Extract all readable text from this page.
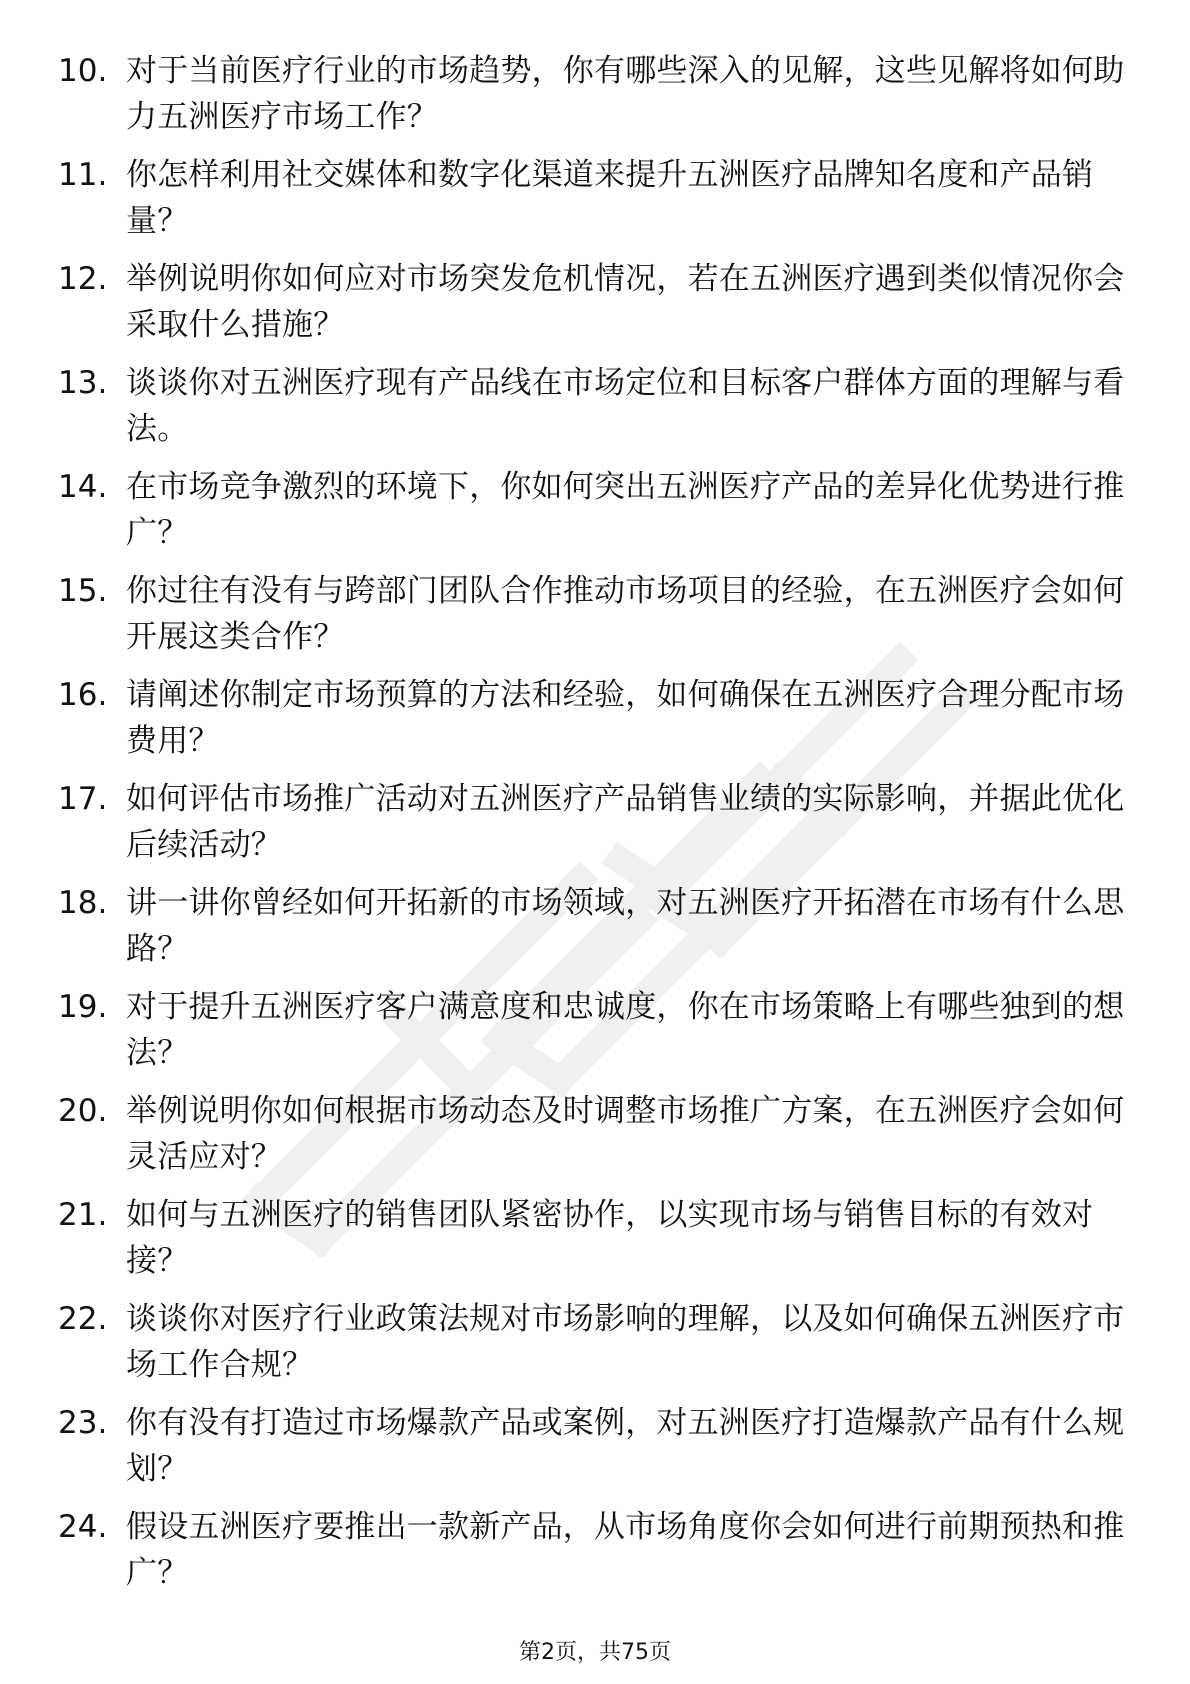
10. 对于当前医疗行业的市场趋势，你有哪些深入的见解，这些见解将如何助力五洲医疗市场工作？
11. 你怎样利用社交媒体和数字化渠道来提升五洲医疗品牌知名度和产品销量？
12. 举例说明你如何应对市场突发危机情况，若在五洲医疗遇到类似情况你会采取什么措施？
13. 谈谈你对五洲医疗现有产品线在市场定位和目标客户群体方面的理解与看法。
14. 在市场竞争激烈的环境下，你如何突出五洲医疗产品的差异化优势进行推广？
15. 你过往有没有与跨部门团队合作推动市场项目的经验，在五洲医疗会如何开展这类合作？
16. 请阐述你制定市场预算的方法和经验，如何确保在五洲医疗合理分配市场费用？
17. 如何评估市场推广活动对五洲医疗产品销售业绩的实际影响，并据此优化后续活动？
18. 讲一讲你曾经如何开拓新的市场领域，对五洲医疗开拓潜在市场有什么思路？
19. 对于提升五洲医疗客户满意度和忠诚度，你在市场策略上有哪些独到的想法？
20. 举例说明你如何根据市场动态及时调整市场推广方案，在五洲医疗会如何灵活应对？
21. 如何与五洲医疗的销售团队紧密协作，以实现市场与销售目标的有效对接？
22. 谈谈你对医疗行业政策法规对市场影响的理解，以及如何确保五洲医疗市场工作合规？
23. 你有没有打造过市场爆款产品或案例，对五洲医疗打造爆款产品有什么规划？
24. 假设五洲医疗要推出一款新产品，从市场角度你会如何进行前期预热和推广？
第2页，共75页
